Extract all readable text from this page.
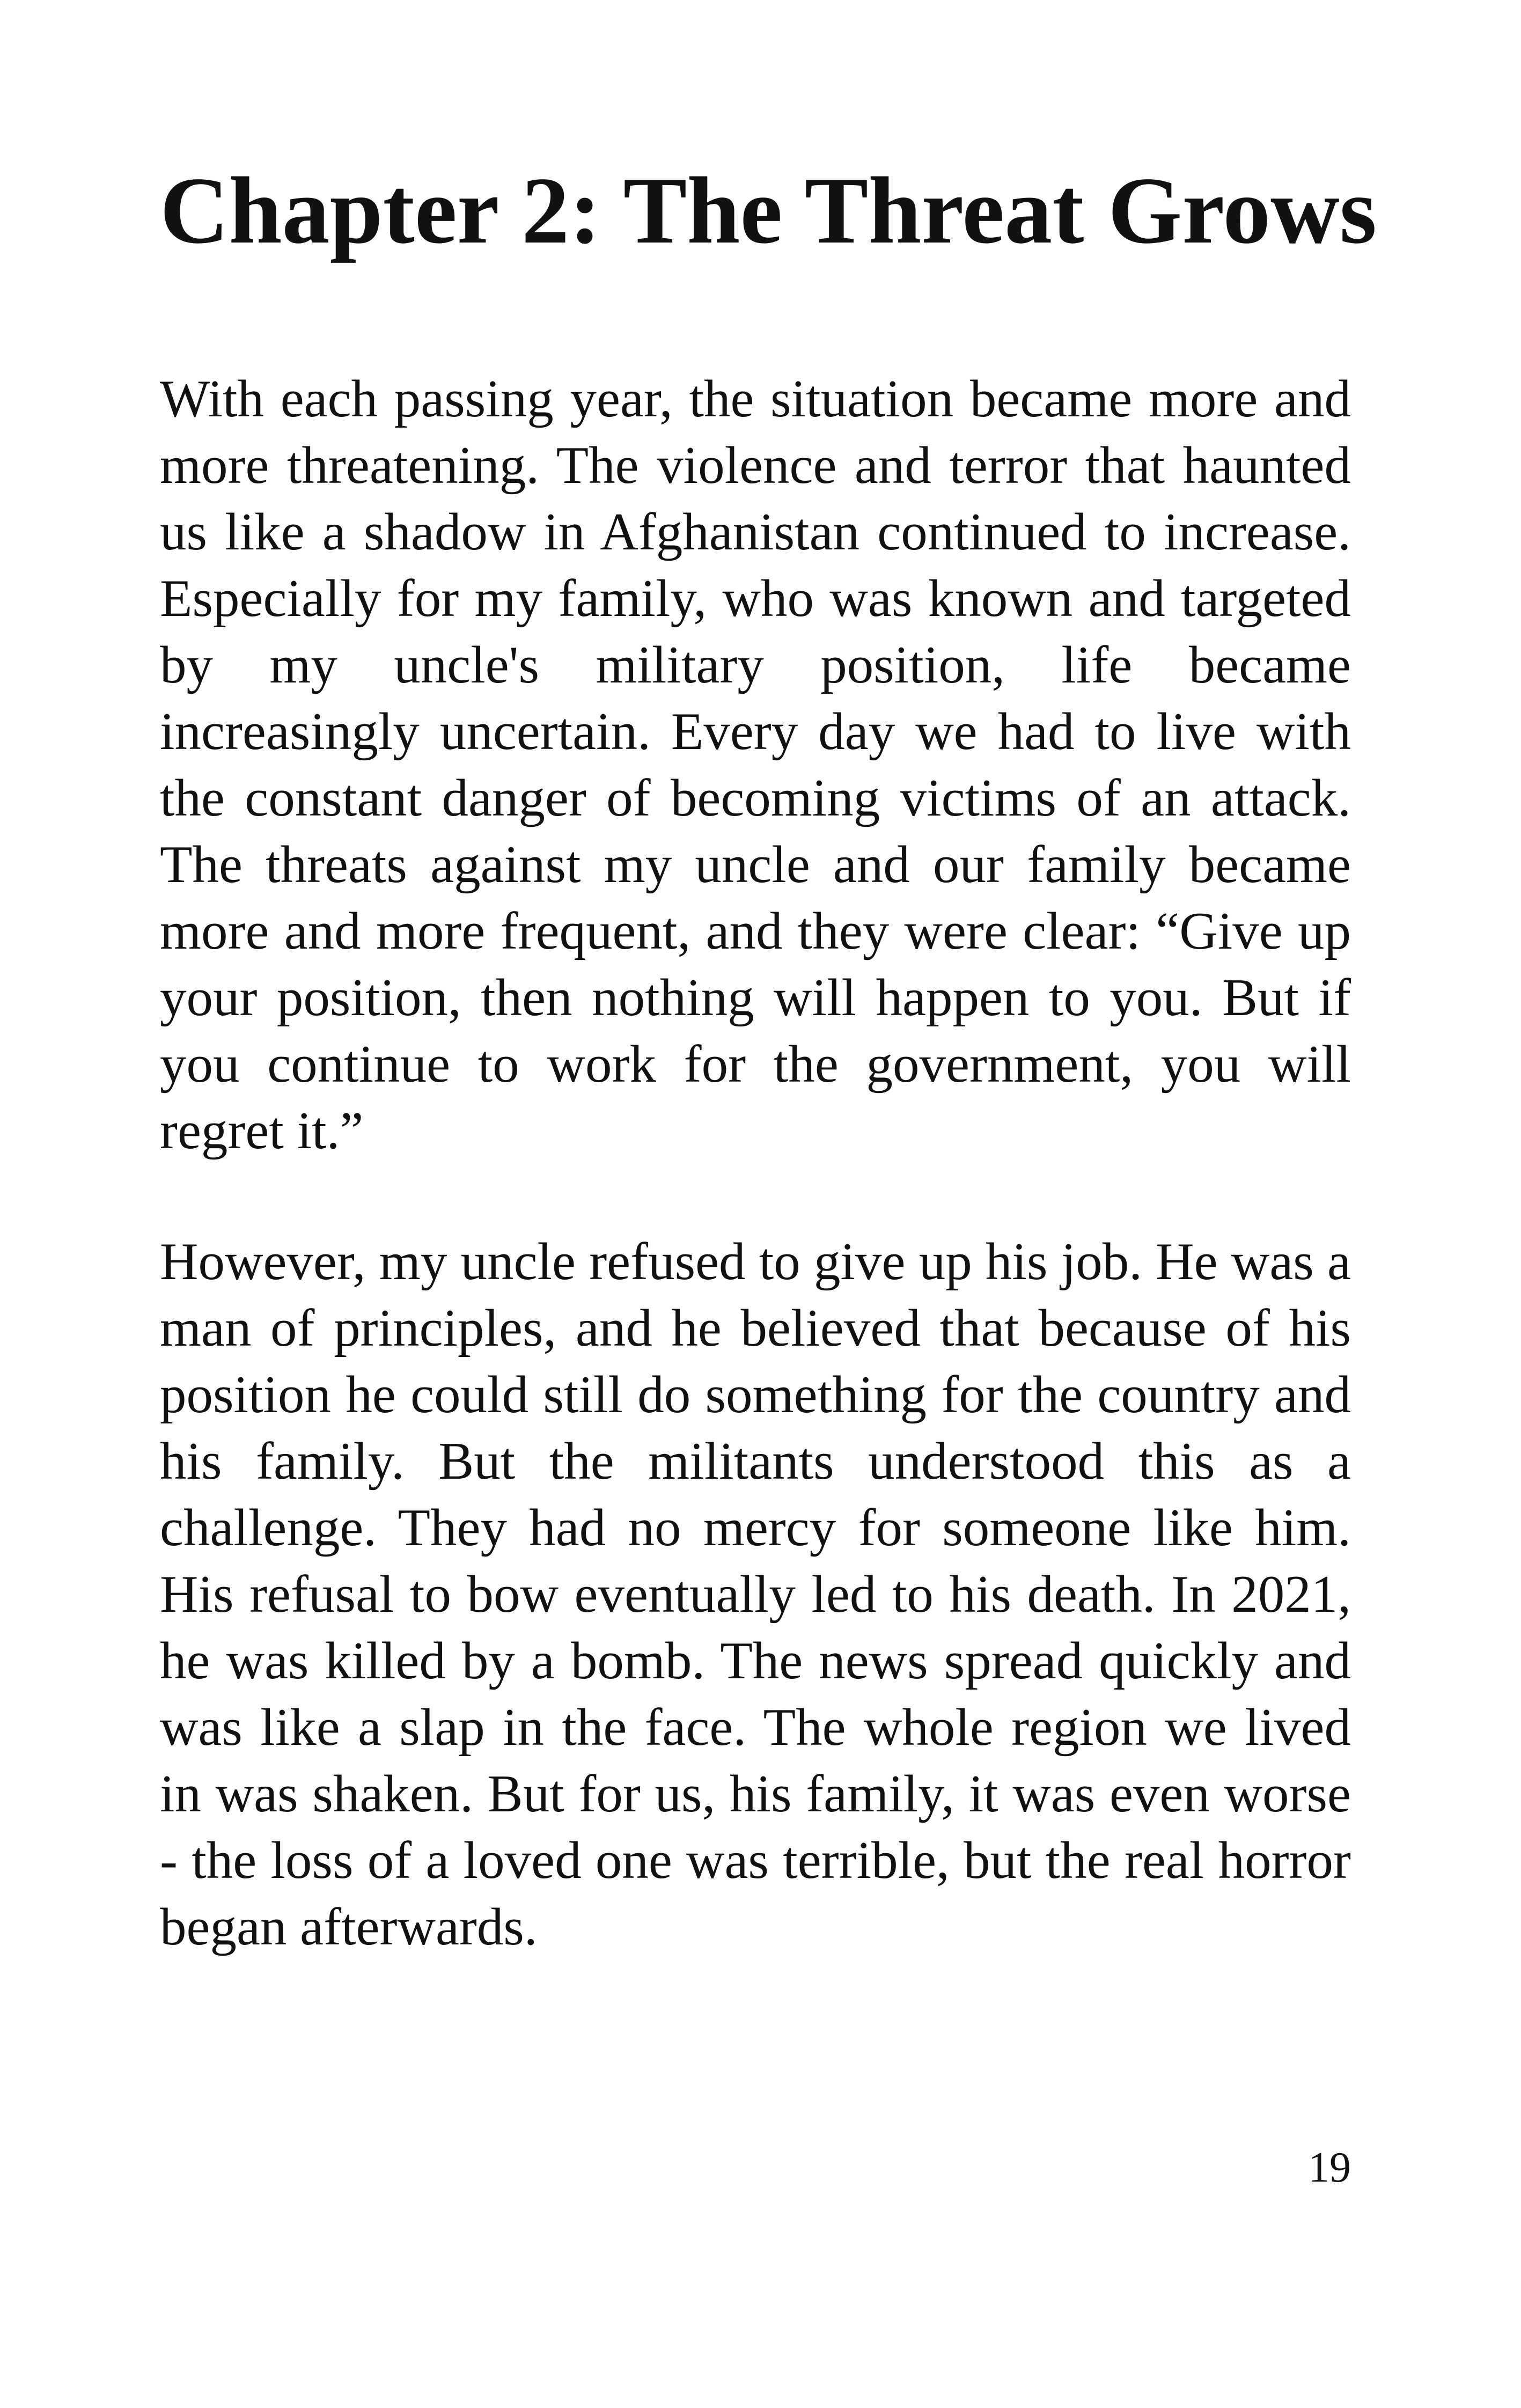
Chapter 2: The Threat Grows

With each passing year, the situation became more and more threatening. The violence and terror that haunted us like a shadow in Afghanistan continued to increase. Especially for my family, who was known and targeted by my uncle's military position, life became increasingly uncertain. Every day we had to live with the constant danger of becoming victims of an attack. The threats against my uncle and our family became more and more frequent, and they were clear: “Give up your position, then nothing will happen to you. But if you continue to work for the government, you will regret it.”

However, my uncle refused to give up his job. He was a man of principles, and he believed that because of his position he could still do something for the country and his family. But the militants understood this as a challenge. They had no mercy for someone like him. His refusal to bow eventually led to his death. In 2021, he was killed by a bomb. The news spread quickly and was like a slap in the face. The whole region we lived in was shaken. But for us, his family, it was even worse - the loss of a loved one was terrible, but the real horror began afterwards.

19
